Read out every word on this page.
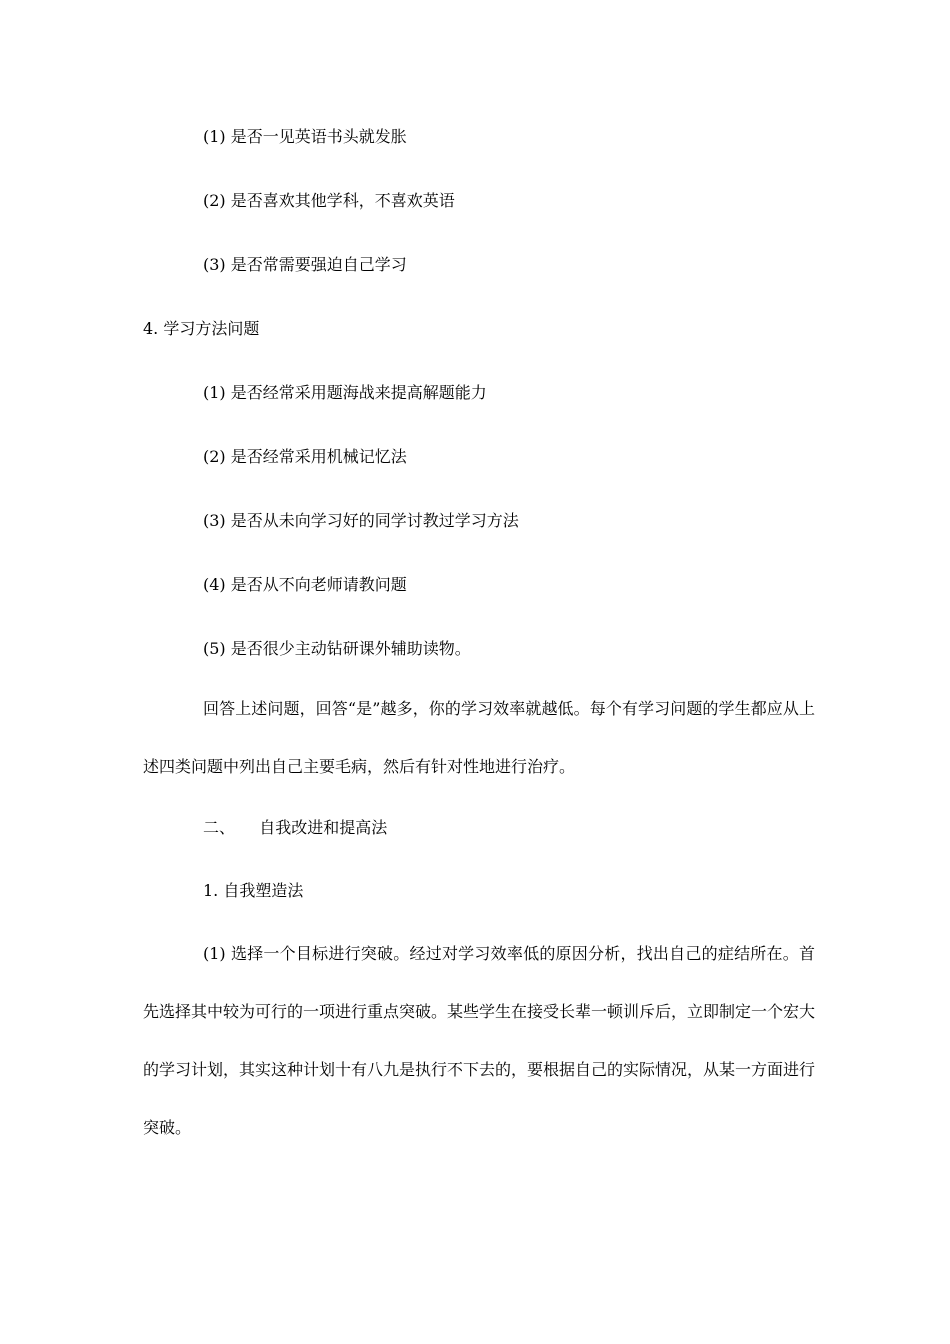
(1) 是否一见英语书头就发胀
(2) 是否喜欢其他学科，不喜欢英语
(3) 是否常需要强迫自己学习
4. 学习方法问题
(1) 是否经常采用题海战来提高解题能力
(2) 是否经常采用机械记忆法
(3) 是否从未向学习好的同学讨教过学习方法
(4) 是否从不向老师请教问题
(5) 是否很少主动钻研课外辅助读物。

回答上述问题，回答“是”越多，你的学习效率就越低。每个有学习问题的学生都应从上述四类问题中列出自己主要毛病，然后有针对性地进行治疗。

二、 自我改进和提高法
1. 自我塑造法

(1) 选择一个目标进行突破。经过对学习效率低的原因分析，找出自己的症结所在。首先选择其中较为可行的一项进行重点突破。某些学生在接受长辈一顿训斥后，立即制定一个宏大的学习计划，其实这种计划十有八九是执行不下去的，要根据自己的实际情况，从某一方面进行突破。
